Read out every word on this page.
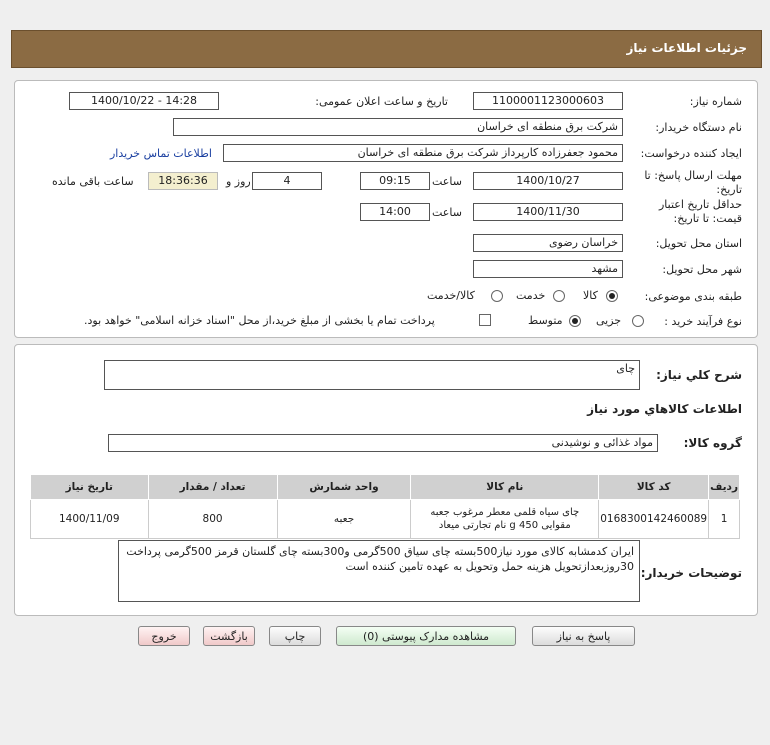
جزئیات اطلاعات نیاز
شماره نیاز:
1100001123000603
تاریخ و ساعت اعلان عمومی:
1400/10/22 - 14:28
نام دستگاه خریدار:
شرکت برق منطقه ای خراسان
ایجاد کننده درخواست:
محمود جعفرزاده کارپرداز شرکت برق منطقه ای خراسان
اطلاعات تماس خریدار
مهلت ارسال پاسخ: تا
تاریخ:
1400/10/27
ساعت
09:15
4
روز و
18:36:36
ساعت باقی مانده
حداقل تاریخ اعتبار
قیمت: تا تاریخ:
1400/11/30
ساعت
14:00
استان محل تحویل:
خراسان رضوی
شهر محل تحویل:
مشهد
طبقه بندی موضوعی:
کالا
خدمت
کالا/خدمت
نوع فرآیند خرید :
جزیی
متوسط
پرداخت تمام یا بخشی از مبلغ خرید،از محل "اسناد خزانه اسلامی" خواهد بود.
شرح کلي نياز:
چای
اطلاعات کالاهاي مورد نياز
گروه کالا:
مواد غذائی و نوشیدنی
ردیف	کد کالا	نام کالا	واحد شمارش	تعداد / مقدار	تاریخ نیاز
1	0168300142460089	چای سیاه قلمی معطر مرغوب جعبه مقوایی 450 g نام تجارتی میعاد	جعبه	800	1400/11/09
توضیحات خریدار:
ایران کدمشابه کالای مورد نیاز500بسته چای سیاق 500گرمی و300بسته چای گلستان قرمز 500گرمی پرداخت 30روزبعدازتحویل هزینه حمل وتحویل به عهده تامین کننده است
پاسخ به نیاز
مشاهده مدارک پیوستی (0)
چاپ
بازگشت
خروج
